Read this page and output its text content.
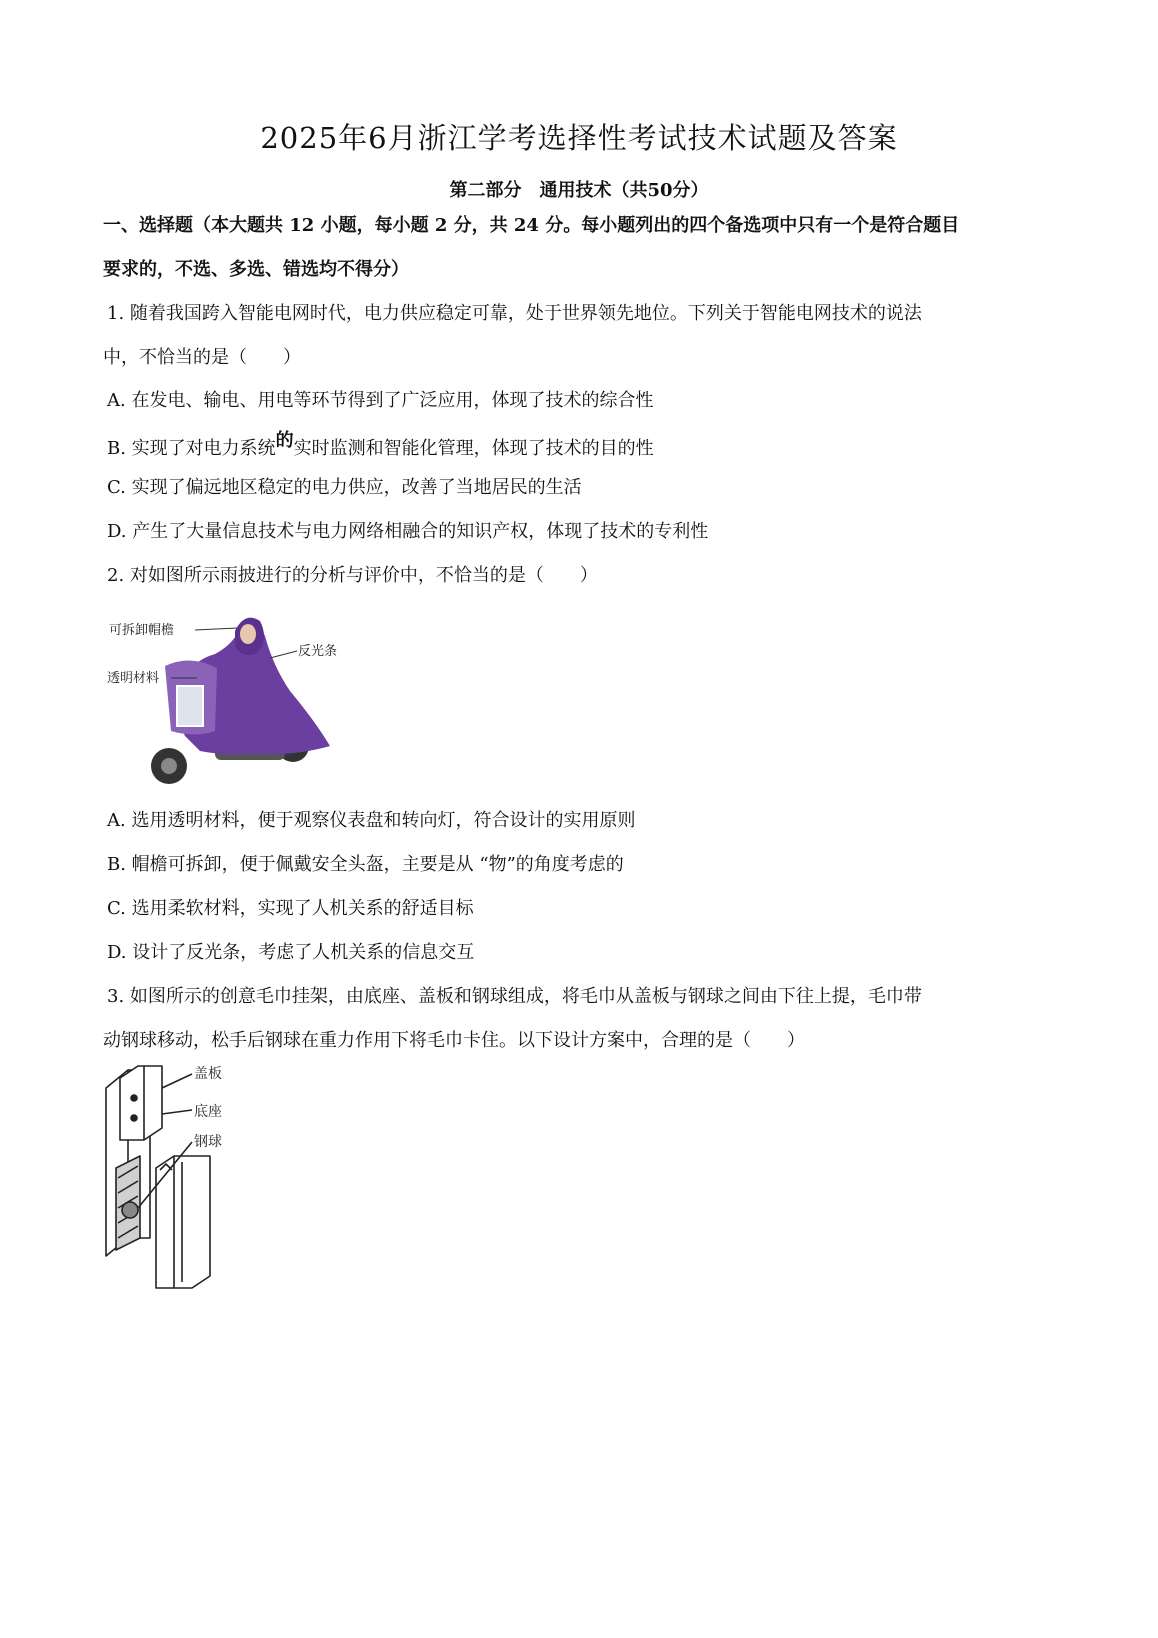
2025年6月浙江学考选择性考试技术试题及答案
第二部分　通用技术（共50分）
一、选择题（本大题共 12 小题，每小题 2 分，共 24 分。每小题列出的四个备选项中只有一个是符合题目
要求的，不选、多选、错选均不得分）
1. 随着我国跨入智能电网时代，电力供应稳定可靠，处于世界领先地位。下列关于智能电网技术的说法
中，不恰当的是（　　）
A. 在发电、输电、用电等环节得到了广泛应用，体现了技术的综合性
B. 实现了对电力系统的实时监测和智能化管理，体现了技术的目的性
C. 实现了偏远地区稳定的电力供应，改善了当地居民的生活
D. 产生了大量信息技术与电力网络相融合的知识产权，体现了技术的专利性
2. 对如图所示雨披进行的分析与评价中，不恰当的是（　　）
可拆卸帽檐
反光条
透明材料
A. 选用透明材料，便于观察仪表盘和转向灯，符合设计的实用原则
B. 帽檐可拆卸，便于佩戴安全头盔，主要是从 “物”的角度考虑的
C. 选用柔软材料，实现了人机关系的舒适目标
D. 设计了反光条，考虑了人机关系的信息交互
3. 如图所示的创意毛巾挂架，由底座、盖板和钢球组成，将毛巾从盖板与钢球之间由下往上提，毛巾带
动钢球移动，松手后钢球在重力作用下将毛巾卡住。以下设计方案中，合理的是（　　）
盖板
底座
钢球
